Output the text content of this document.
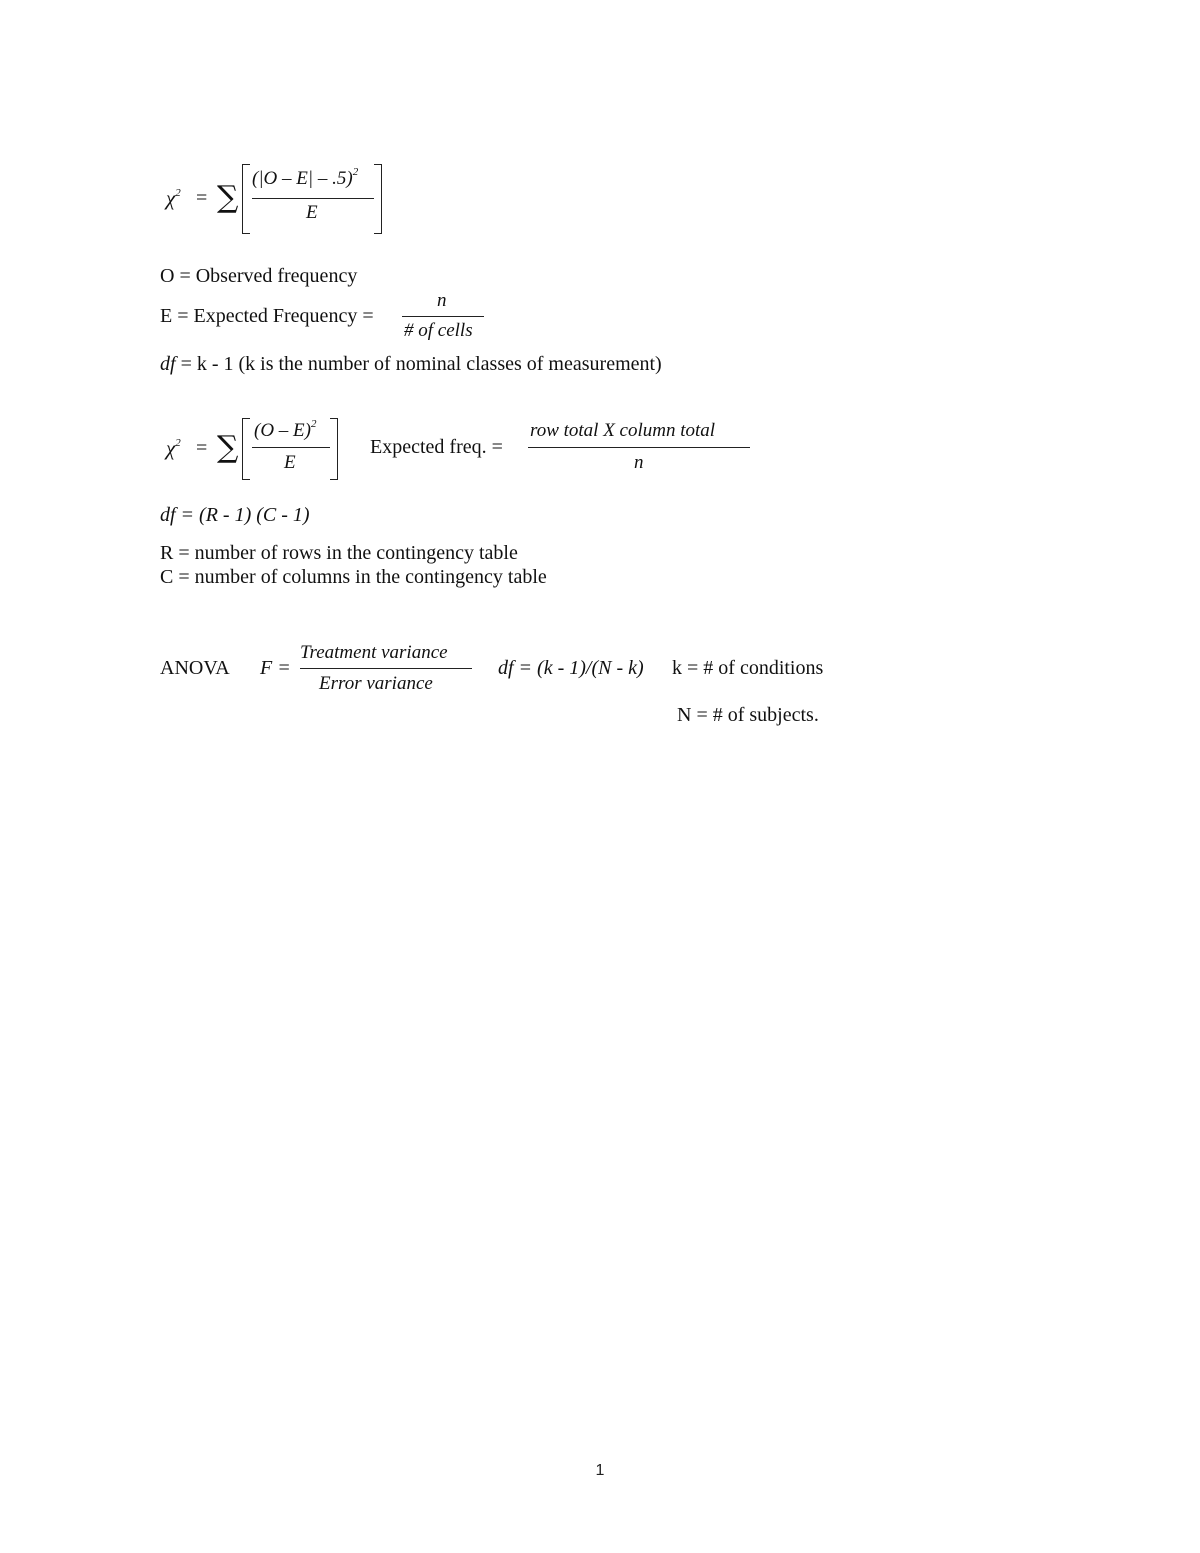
$\chi^2$ = ∑
(|O – E| – .5)$^2$
E
O = Observed frequency
E = Expected Frequency =
n
# of cells
df = k - 1 (k is the number of nominal classes of measurement)
$\chi^2$ = ∑ (O – E)$^2$
E
Expected freq. =
row total X column total
n
df = (R - 1) (C - 1)
R = number of rows in the contingency table
C = number of columns in the contingency table
ANOVA F =
Treatment variance
Error variance
df = (k - 1)/(N - k) k = # of conditions
N = # of subjects.
1
